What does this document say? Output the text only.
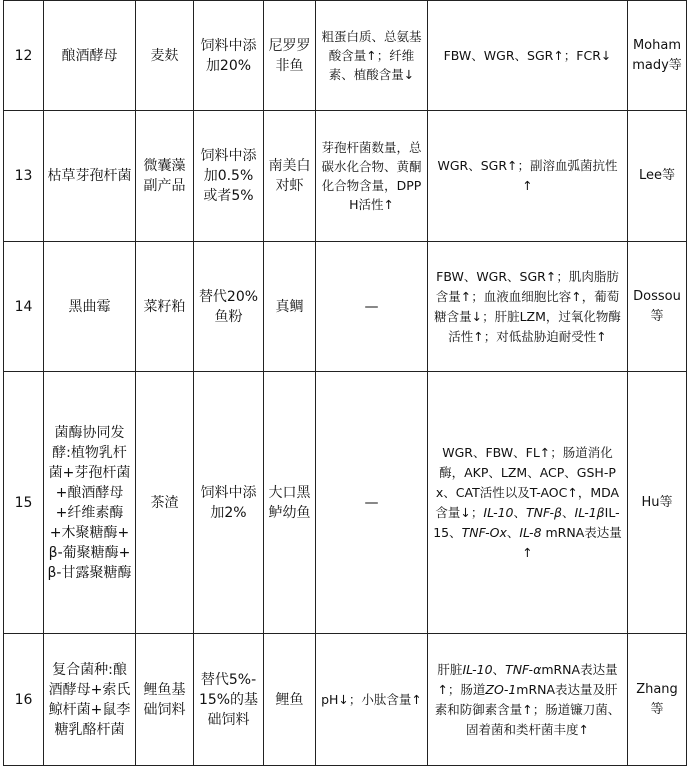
12	酿酒酵母	麦麸	饲料中添加20%	尼罗罗非鱼	粗蛋白质、总氨基酸含量↑；纤维素、植酸含量↓	FBW、WGR、SGR↑；FCR↓	Mohammady等
13	枯草芽孢杆菌	微囊藻副产品	饲料中添加0.5%或者5%	南美白对虾	芽孢杆菌数量，总碳水化合物、黄酮化合物含量，DPPH活性↑	WGR、SGR↑；副溶血弧菌抗性↑	Lee等
14	黑曲霉	菜籽粕	替代20%鱼粉	真鲷	—	FBW、WGR、SGR↑；肌肉脂肪含量↑；血液血细胞比容↑，葡萄糖含量↓；肝脏LZM，过氧化物酶活性↑；对低盐胁迫耐受性↑	Dossou等
15	菌酶协同发酵:植物乳杆菌+芽孢杆菌+酿酒酵母+纤维素酶+木聚糖酶+β-葡聚糖酶+β-甘露聚糖酶	茶渣	饲料中添加2%	大口黑鲈幼鱼	—	WGR、FBW、FL↑；肠道消化酶，AKP、LZM、ACP、GSH-Px、CAT活性以及T-AOC↑，MDA含量↓；IL-10、TNF-β、IL-1βIL-15、TNF-Ox、IL-8 mRNA表达量↑	Hu等
16	复合菌种:酿酒酵母+索氏鲸杆菌+鼠李糖乳酪杆菌	鲤鱼基础饲料	替代5%-15%的基础饲料	鲤鱼	pH↓；小肽含量↑	肝脏IL-10、TNF-αmRNA表达量↑；肠道ZO-1mRNA表达量及肝素和防御素含量↑；肠道镰刀菌、固着菌和类杆菌丰度↑	Zhang等
